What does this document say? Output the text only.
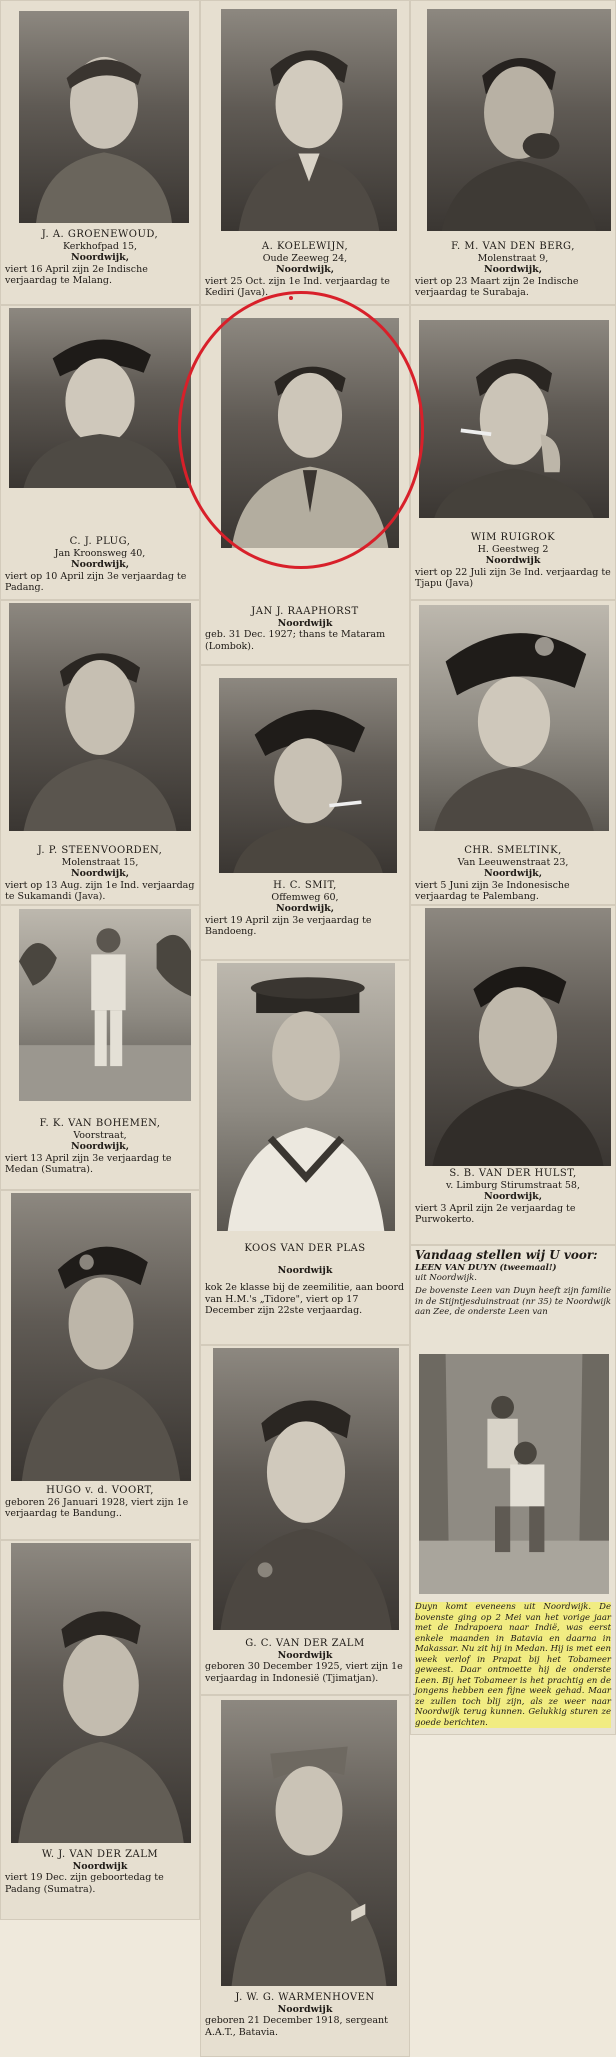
J. A. GROENEWOUD,
Kerkhofpad 15,
Noordwijk,
viert 16 April zijn 2e Indische verjaardag te Malang.
C. J. PLUG,
Jan Kroonsweg 40,
Noordwijk,
viert op 10 April zijn 3e verjaardag te Padang.
J. P. STEENVOORDEN,
Molenstraat 15,
Noordwijk,
viert op 13 Aug. zijn 1e Ind. verjaardag te Sukamandi (Java).
F. K. VAN BOHEMEN,
Voorstraat,
Noordwijk,
viert 13 April zijn 3e verjaardag te Medan (Sumatra).
HUGO v. d. VOORT,
geboren 26 Januari 1928, viert zijn 1e verjaardag te Bandung..
W. J. VAN DER ZALM
Noordwijk
viert 19 Dec. zijn geboortedag te Padang (Sumatra).
A. KOELEWIJN,
Oude Zeeweg 24,
Noordwijk,
viert 25 Oct. zijn 1e Ind. verjaardag te Kediri (Java).
JAN J. RAAPHORST
Noordwijk
geb. 31 Dec. 1927; thans te Mataram (Lombok).
H. C. SMIT,
Offemweg 60,
Noordwijk,
viert 19 April zijn 3e verjaardag te Bandoeng.
KOOS VAN DER PLAS
Noordwijk
kok 2e klasse bij de zeemilitie, aan boord van H.M.'s „Tidore", viert op 17 December zijn 22ste verjaardag.
G. C. VAN DER ZALM
Noordwijk
geboren 30 December 1925, viert zijn 1e verjaardag in Indonesië (Tjimatjan).
J. W. G. WARMENHOVEN
Noordwijk
geboren 21 December 1918, sergeant A.A.T., Batavia.
F. M. VAN DEN BERG,
Molenstraat 9,
Noordwijk,
viert op 23 Maart zijn 2e Indische verjaardag te Surabaja.
WIM RUIGROK
H. Geestweg 2
Noordwijk
viert op 22 Juli zijn 3e Ind. verjaardag te Tjapu (Java)
CHR. SMELTINK,
Van Leeuwenstraat 23,
Noordwijk,
viert 5 Juni zijn 3e Indonesische verjaardag te Palembang.
S. B. VAN DER HULST,
v. Limburg Stirumstraat 58,
Noordwijk,
viert 3 April zijn 2e verjaardag te Purwokerto.
Vandaag stellen wij U voor:
LEEN VAN DUYN (tweemaal!)
uit Noordwijk.
De bovenste Leen van Duyn heeft zijn familie in de Stijntjesduinstraat (nr 35) te Noordwijk aan Zee, de onderste Leen van
Duyn komt eveneens uit Noordwijk. De bovenste ging op 2 Mei van het vorige jaar met de Indrapoera naar Indië, was eerst enkele maanden in Batavia en daarna in Makassar. Nu zit hij in Medan. Hij is met een week verlof in Prapat bij het Tobameer geweest. Daar ontmoette hij de onderste Leen. Bij het Tobameer is het prachtig en de jongens hebben een fijne week gehad. Maar ze zullen toch blij zijn, als ze weer naar Noordwijk terug kunnen. Gelukkig sturen ze goede berichten.
